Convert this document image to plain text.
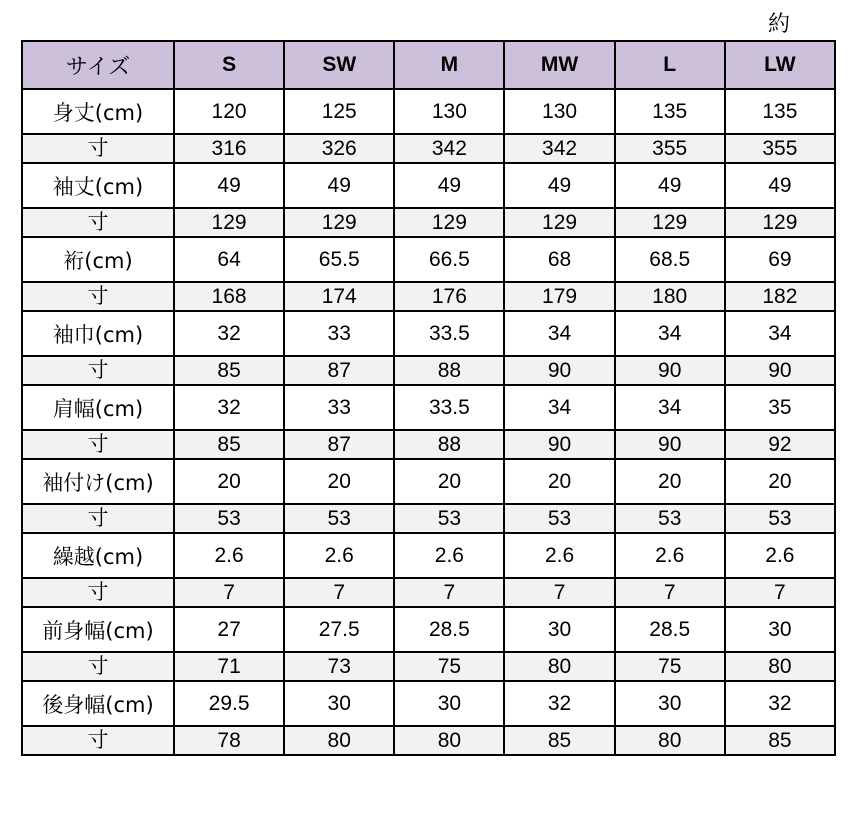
約
サイズ	S	SW	M	MW	L	LW
身丈(cm)	120	125	130	130	135	135
寸	316	326	342	342	355	355
袖丈(cm)	49	49	49	49	49	49
寸	129	129	129	129	129	129
裄(cm)	64	65.5	66.5	68	68.5	69
寸	168	174	176	179	180	182
袖巾(cm)	32	33	33.5	34	34	34
寸	85	87	88	90	90	90
肩幅(cm)	32	33	33.5	34	34	35
寸	85	87	88	90	90	92
袖付け(cm)	20	20	20	20	20	20
寸	53	53	53	53	53	53
繰越(cm)	2.6	2.6	2.6	2.6	2.6	2.6
寸	7	7	7	7	7	7
前身幅(cm)	27	27.5	28.5	30	28.5	30
寸	71	73	75	80	75	80
後身幅(cm)	29.5	30	30	32	30	32
寸	78	80	80	85	80	85
